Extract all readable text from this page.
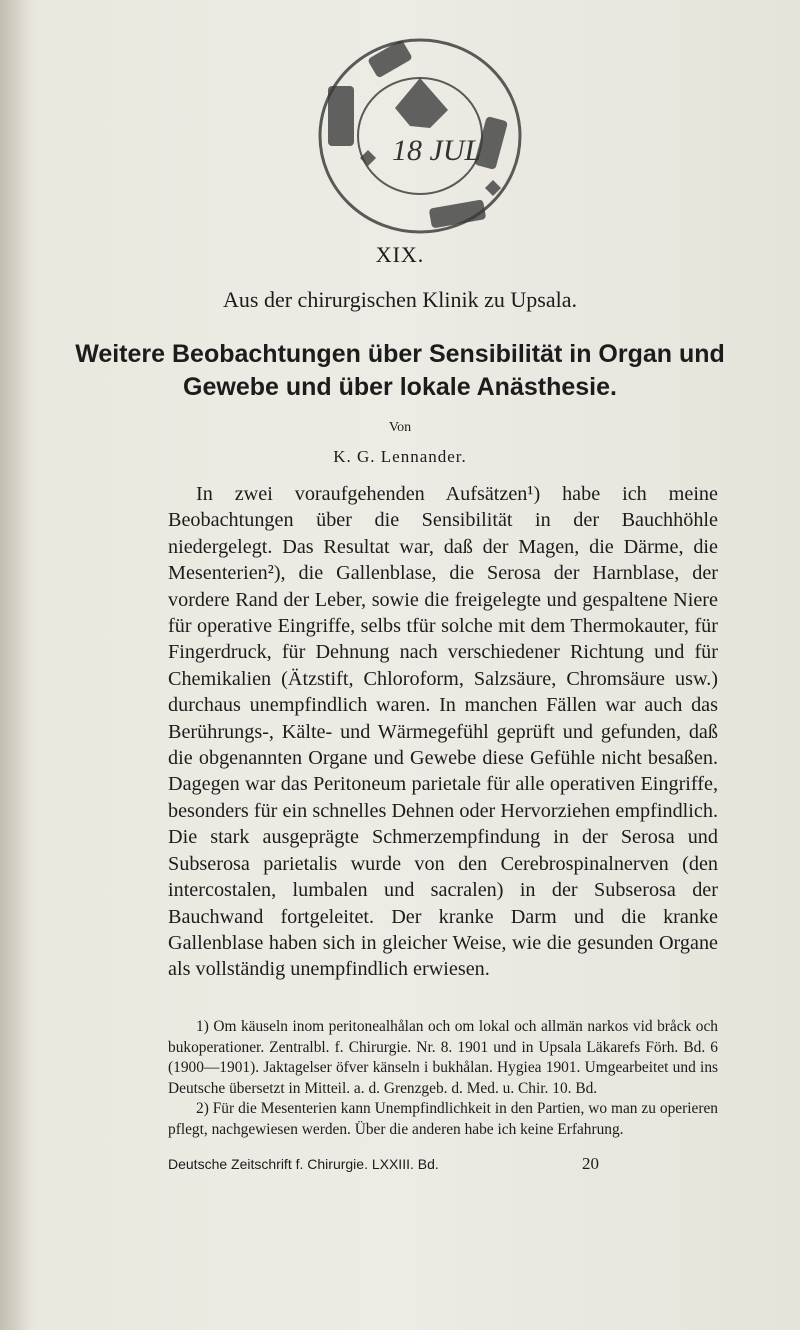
18 JUL
XIX.
Aus der chirurgischen Klinik zu Upsala.
Weitere Beobachtungen über Sensibilität in Organ und
Gewebe und über lokale Anästhesie.
Von
K. G. Lennander.

In zwei voraufgehenden Aufsätzen¹) habe ich meine Beobachtungen über die Sensibilität in der Bauchhöhle niedergelegt. Das Resultat war, daß der Magen, die Därme, die Mesenterien²), die Gallenblase, die Serosa der Harnblase, der vordere Rand der Leber, sowie die freigelegte und gespaltene Niere für operative Eingriffe, selbs tfür solche mit dem Thermokauter, für Fingerdruck, für Dehnung nach verschiedener Richtung und für Chemikalien (Ätzstift, Chloroform, Salzsäure, Chromsäure usw.) durchaus unempfindlich waren. In manchen Fällen war auch das Berührungs-, Kälte- und Wärmegefühl geprüft und gefunden, daß die obgenannten Organe und Gewebe diese Gefühle nicht besaßen. Dagegen war das Peritoneum parietale für alle operativen Eingriffe, besonders für ein schnelles Dehnen oder Hervorziehen empfindlich. Die stark ausgeprägte Schmerzempfindung in der Serosa und Subserosa parietalis wurde von den Cerebrospinalnerven (den intercostalen, lumbalen und sacralen) in der Subserosa der Bauchwand fortgeleitet. Der kranke Darm und die kranke Gallenblase haben sich in gleicher Weise, wie die gesunden Organe als vollständig unempfindlich erwiesen.

1) Om käuseln inom peritonealhålan och om lokal och allmän narkos vid bråck och bukoperationer. Zentralbl. f. Chirurgie. Nr. 8. 1901 und in Upsala Läkarefs Förh. Bd. 6 (1900—1901). Jaktagelser öfver känseln i bukhålan. Hygiea 1901. Umgearbeitet und ins Deutsche übersetzt in Mitteil. a. d. Grenzgeb. d. Med. u. Chir. 10. Bd.

2) Für die Mesenterien kann Unempfindlichkeit in den Partien, wo man zu operieren pflegt, nachgewiesen werden. Über die anderen habe ich keine Erfahrung.

Deutsche Zeitschrift f. Chirurgie. LXXIII. Bd.	20
